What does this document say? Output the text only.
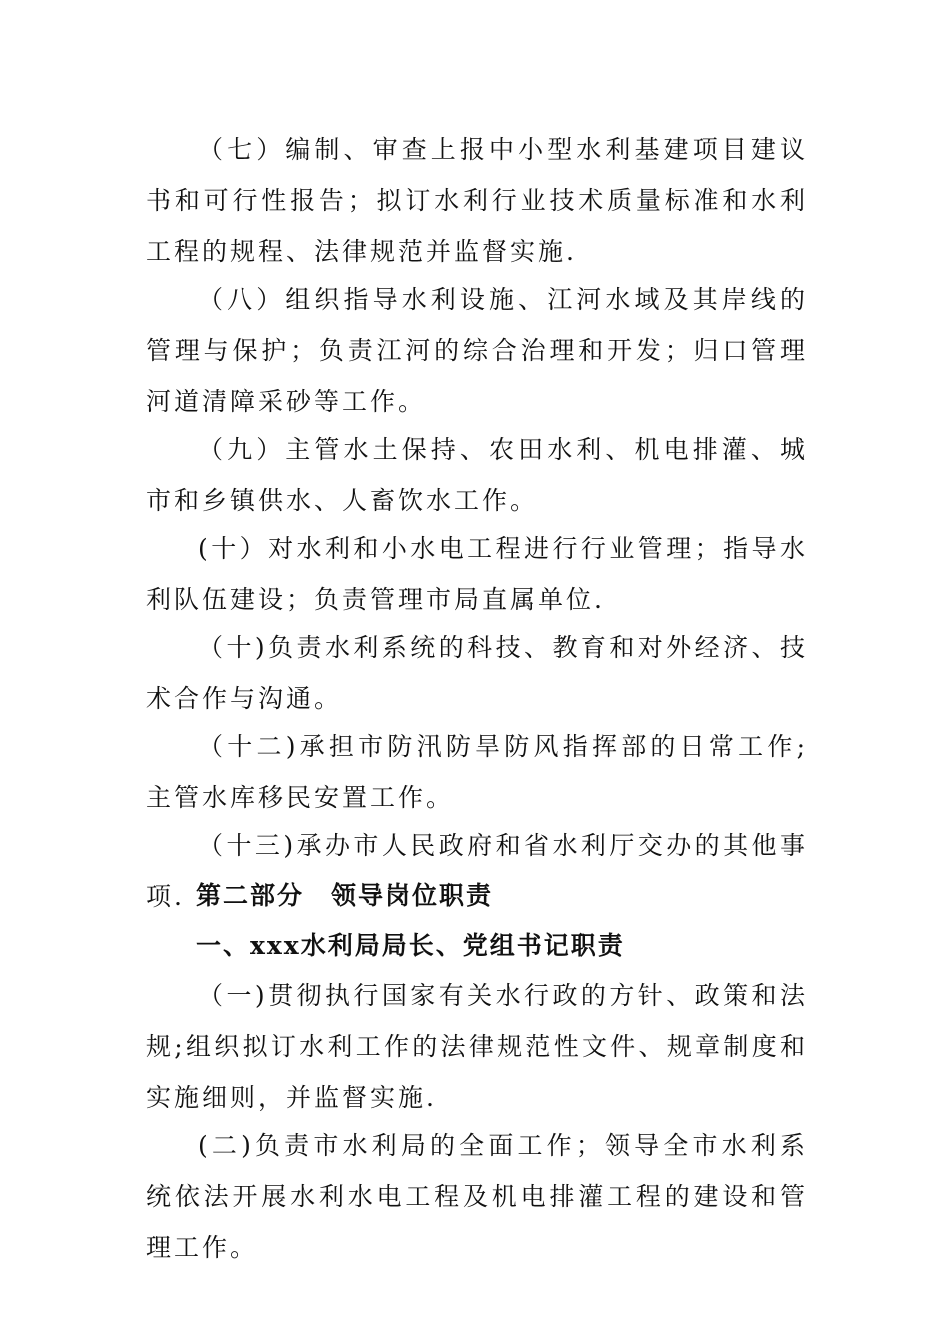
（七）编制、审查上报中小型水利基建项目建议书和可行性报告；拟订水利行业技术质量标准和水利工程的规程、法律规范并监督实施.

（八）组织指导水利设施、江河水域及其岸线的管理与保护；负责江河的综合治理和开发；归口管理河道清障采砂等工作。

（九）主管水土保持、农田水利、机电排灌、城市和乡镇供水、人畜饮水工作。

(十）对水利和小水电工程进行行业管理；指导水利队伍建设；负责管理市局直属单位.

（十)负责水利系统的科技、教育和对外经济、技术合作与沟通。

（十二)承担市防汛防旱防风指挥部的日常工作;主管水库移民安置工作。

（十三)承办市人民政府和省水利厅交办的其他事项. 第二部分　领导岗位职责
一、xxx水利局局长、党组书记职责

（一)贯彻执行国家有关水行政的方针、政策和法规;组织拟订水利工作的法律规范性文件、规章制度和实施细则，并监督实施.

(二)负责市水利局的全面工作；领导全市水利系统依法开展水利水电工程及机电排灌工程的建设和管理工作。
